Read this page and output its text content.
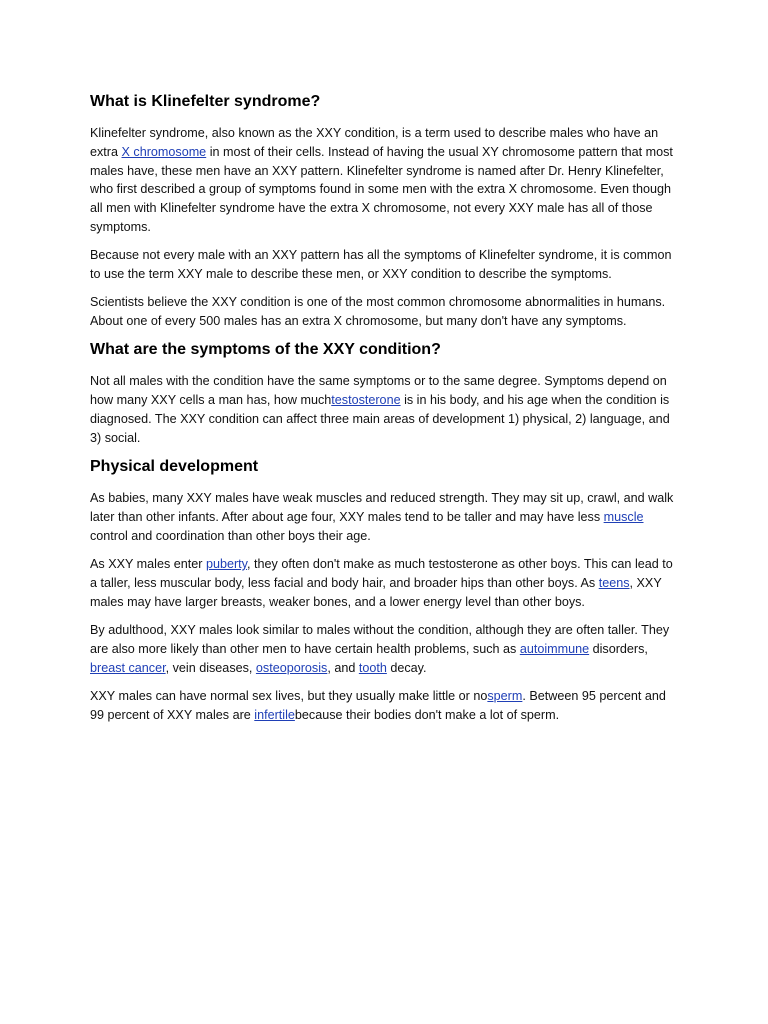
What is Klinefelter syndrome?

Klinefelter syndrome, also known as the XXY condition, is a term used to describe males who have an extra X chromosome in most of their cells. Instead of having the usual XY chromosome pattern that most males have, these men have an XXY pattern. Klinefelter syndrome is named after Dr. Henry Klinefelter, who first described a group of symptoms found in some men with the extra X chromosome. Even though all men with Klinefelter syndrome have the extra X chromosome, not every XXY male has all of those symptoms.

Because not every male with an XXY pattern has all the symptoms of Klinefelter syndrome, it is common to use the term XXY male to describe these men, or XXY condition to describe the symptoms.

Scientists believe the XXY condition is one of the most common chromosome abnormalities in humans. About one of every 500 males has an extra X chromosome, but many don't have any symptoms.

What are the symptoms of the XXY condition?

Not all males with the condition have the same symptoms or to the same degree. Symptoms depend on how many XXY cells a man has, how muchtestosterone is in his body, and his age when the condition is diagnosed. The XXY condition can affect three main areas of development 1) physical, 2) language, and 3) social.

Physical development

As babies, many XXY males have weak muscles and reduced strength. They may sit up, crawl, and walk later than other infants. After about age four, XXY males tend to be taller and may have less muscle control and coordination than other boys their age.

As XXY males enter puberty, they often don't make as much testosterone as other boys. This can lead to a taller, less muscular body, less facial and body hair, and broader hips than other boys. As teens, XXY males may have larger breasts, weaker bones, and a lower energy level than other boys.

By adulthood, XXY males look similar to males without the condition, although they are often taller. They are also more likely than other men to have certain health problems, such as autoimmune disorders, breast cancer, vein diseases, osteoporosis, and tooth decay.

XXY males can have normal sex lives, but they usually make little or nosperm. Between 95 percent and 99 percent of XXY males are infertilebecause their bodies don't make a lot of sperm.
